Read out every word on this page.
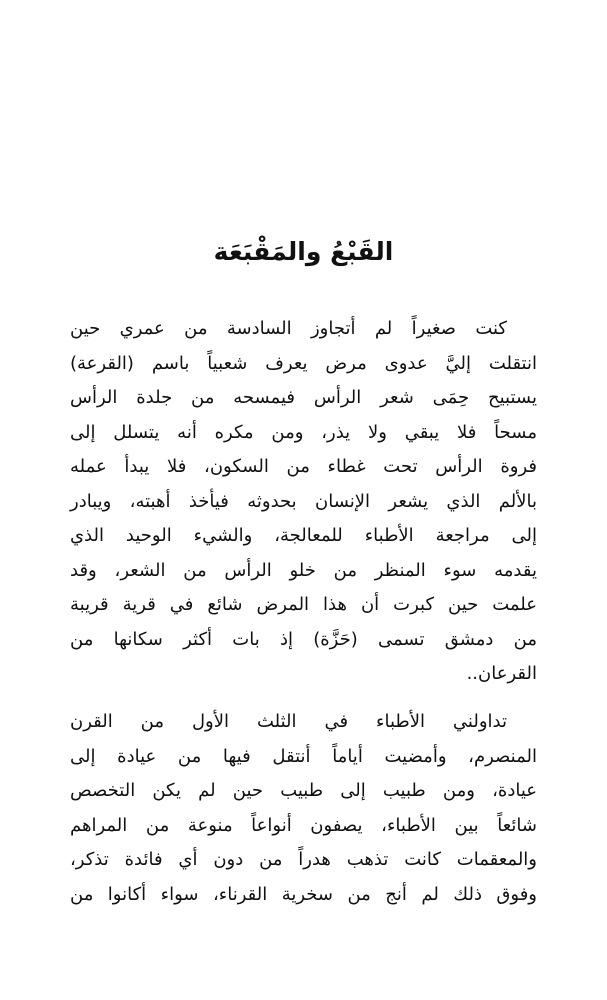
القَبْعُ والمَقْبَعَة
كنت صغيراً لم أتجاوز السادسة من عمري حين
انتقلت إليَّ عدوى مرض يعرف شعبياً باسم (القرعة)
يستبيح حِمَى شعر الرأس فيمسحه من جلدة الرأس
مسحاً فلا يبقي ولا يذر، ومن مكره أنه يتسلل إلى
فروة الرأس تحت غطاء من السكون، فلا يبدأ عمله
بالألم الذي يشعر الإنسان بحدوثه فيأخذ أهبته، ويبادر
إلى مراجعة الأطباء للمعالجة، والشيء الوحيد الذي
يقدمه سوء المنظر من خلو الرأس من الشعر، وقد
علمت حين كبرت أن هذا المرض شائع في قرية قريبة
من دمشق تسمى (حَزَّة) إذ بات أكثر سكانها من
القرعان..
تداولني الأطباء في الثلث الأول من القرن
المنصرم، وأمضيت أياماً أنتقل فيها من عيادة إلى
عيادة، ومن طبيب إلى طبيب حين لم يكن التخصص
شائعاً بين الأطباء، يصفون أنواعاً منوعة من المراهم
والمعقمات كانت تذهب هدراً من دون أي فائدة تذكر،
وفوق ذلك لم أنج من سخرية القرناء، سواء أكانوا من
